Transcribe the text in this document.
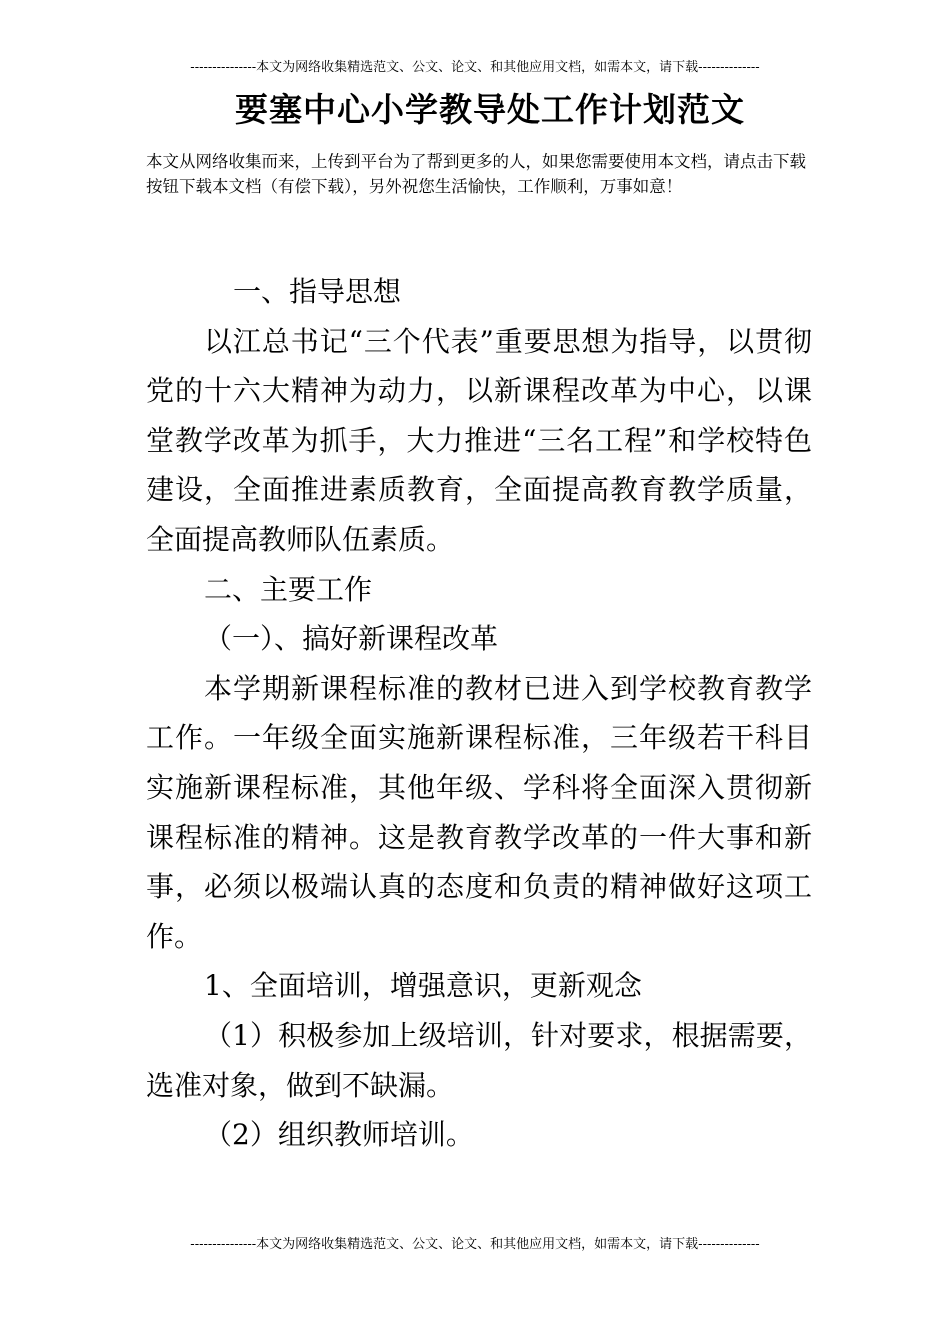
---------------本文为网络收集精选范文、公文、论文、和其他应用文档，如需本文，请下载--------------
要塞中心小学教导处工作计划范文
本文从网络收集而来，上传到平台为了帮到更多的人，如果您需要使用本文档，请点击下载按钮下载本文档（有偿下载），另外祝您生活愉快，工作顺利，万事如意！

一、指导思想

以江总书记“三个代表”重要思想为指导，以贯彻党的十六大精神为动力，以新课程改革为中心，以课堂教学改革为抓手，大力推进“三名工程”和学校特色建设，全面推进素质教育，全面提高教育教学质量，全面提高教师队伍素质。

二、主要工作

（一）、搞好新课程改革

本学期新课程标准的教材已进入到学校教育教学工作。一年级全面实施新课程标准，三年级若干科目实施新课程标准，其他年级、学科将全面深入贯彻新课程标准的精神。这是教育教学改革的一件大事和新事，必须以极端认真的态度和负责的精神做好这项工作。

1、全面培训，增强意识，更新观念

（1）积极参加上级培训，针对要求，根据需要，选准对象，做到不缺漏。

（2）组织教师培训。

---------------本文为网络收集精选范文、公文、论文、和其他应用文档，如需本文，请下载--------------
